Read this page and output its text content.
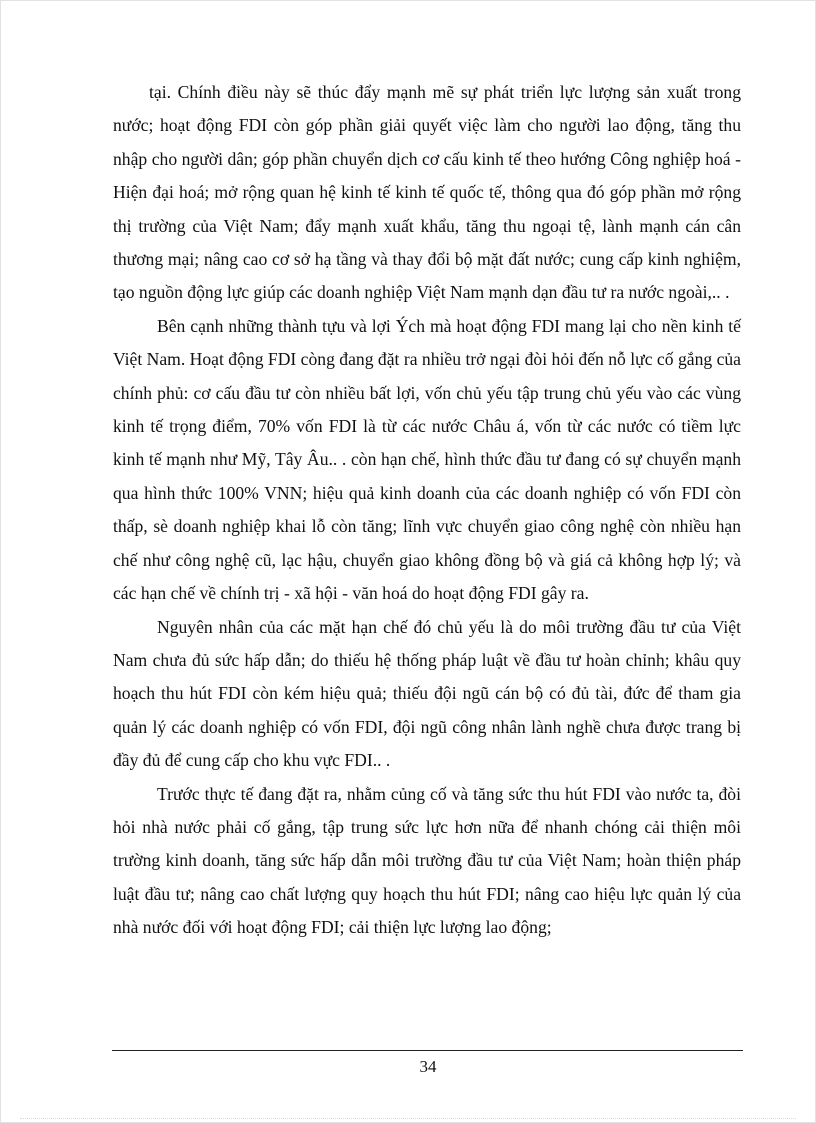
tại. Chính điều này sẽ thúc đẩy mạnh mẽ sự phát triển lực lượng sản xuất trong nước; hoạt động FDI còn góp phần giải quyết việc làm cho người lao động, tăng thu nhập cho người dân; góp phần chuyển dịch cơ cấu kinh tế theo hướng Công nghiệp hoá - Hiện đại hoá; mở rộng quan hệ kinh tế kinh tế quốc tế, thông qua đó góp phần mở rộng thị trường của Việt Nam; đẩy mạnh xuất khẩu, tăng thu ngoại tệ, lành mạnh cán cân thương mại; nâng cao cơ sở hạ tầng và thay đổi bộ mặt đất nước; cung cấp kinh nghiệm, tạo nguồn động lực giúp các doanh nghiệp Việt Nam mạnh dạn đầu tư ra nước ngoài,.. .

Bên cạnh những thành tựu và lợi Ých mà hoạt động FDI mang lại cho nền kinh tế Việt Nam. Hoạt động FDI còng đang đặt ra nhiều trở ngại đòi hỏi đến nỗ lực cố gắng của chính phủ: cơ cấu đầu tư còn nhiều bất lợi, vốn chủ yếu tập trung chủ yếu vào các vùng kinh tế trọng điểm, 70% vốn FDI là từ các nước Châu á, vốn từ các nước có tiềm lực kinh tế mạnh như Mỹ, Tây Âu.. . còn hạn chế, hình thức đầu tư đang có sự chuyển mạnh qua hình thức 100% VNN; hiệu quả kinh doanh của các doanh nghiệp có vốn FDI còn thấp, sè doanh nghiệp khai lỗ còn tăng; lĩnh vực chuyển giao công nghệ còn nhiều hạn chế như công nghệ cũ, lạc hậu, chuyển giao không đồng bộ và giá cả không hợp lý; và các hạn chế về chính trị - xã hội - văn hoá do hoạt động FDI gây ra.

Nguyên nhân của các mặt hạn chế đó chủ yếu là do môi trường đầu tư của Việt Nam chưa đủ sức hấp dẫn; do thiếu hệ thống pháp luật về đầu tư hoàn chỉnh; khâu quy hoạch thu hút FDI còn kém hiệu quả; thiếu đội ngũ cán bộ có đủ tài, đức để tham gia quản lý các doanh nghiệp có vốn FDI, đội ngũ công nhân lành nghề chưa được trang bị đầy đủ để cung cấp cho khu vực FDI.. .

Trước thực tế đang đặt ra, nhằm củng cố và tăng sức thu hút FDI vào nước ta, đòi hỏi nhà nước phải cố gắng, tập trung sức lực hơn nữa để nhanh chóng cải thiện môi trường kinh doanh, tăng sức hấp dẫn môi trường đầu tư của Việt Nam; hoàn thiện pháp luật đầu tư; nâng cao chất lượng quy hoạch thu hút FDI; nâng cao hiệu lực quản lý của nhà nước đối với hoạt động FDI; cải thiện lực lượng lao động;

34
